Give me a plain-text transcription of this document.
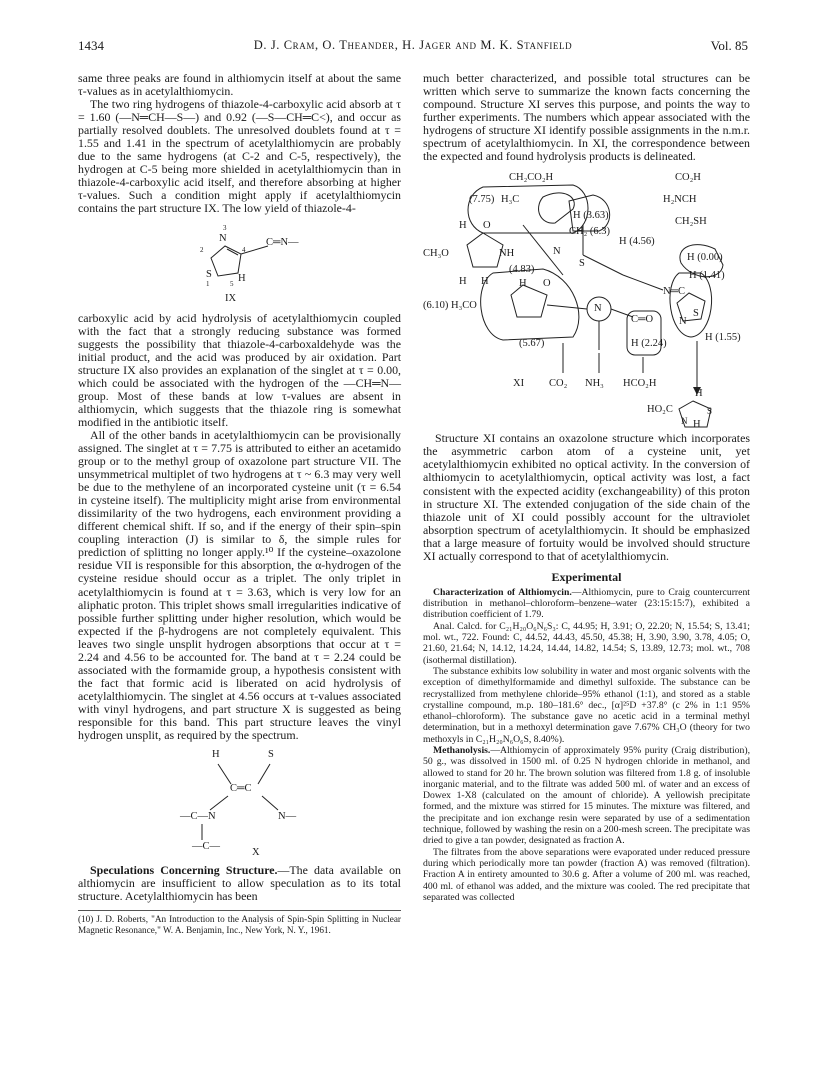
1434	D. J. Cram, O. Theander, H. Jager and M. K. Stanfield	Vol. 85

same three peaks are found in althiomycin itself at about the same τ-values as in acetylalthiomycin.

The two ring hydrogens of thiazole-4-carboxylic acid absorb at τ = 1.60 (—N═CH—S—) and 0.92 (—S—CH═C<), and occur as partially resolved doublets. The unresolved doublets found at τ = 1.55 and 1.41 in the spectrum of acetylalthiomycin are probably due to the same hydrogens (at C-2 and C-5, respectively), the hydrogen at C-5 being more shielded in acetylalthiomycin than in thiazole-4-carboxylic acid itself, and therefore absorbing at higher τ-values. Such a condition might apply if acetylalthiomycin contains the part structure IX. The low yield of thiazole-4-

3
2	4
1	5
N
S H
C═N—
IX

carboxylic acid by acid hydrolysis of acetylalthiomycin coupled with the fact that a strongly reducing substance was formed suggests the possibility that thiazole-4-carboxaldehyde was the initial product, and the acid was produced by air oxidation. Part structure IX also provides an explanation of the singlet at τ = 0.00, which could be associated with the hydrogen of the —CH═N— group. Most of these bands at low τ-values are absent in althiomycin, which suggests that the thiazole ring is somewhat modified in the antibiotic itself.

All of the other bands in acetylalthiomycin can be provisionally assigned. The singlet at τ = 7.75 is attributed to either an acetamido group or to the methyl group of oxazolone part structure VII. The unsymmetrical multiplet of two hydrogens at τ ~ 6.3 may very well be due to the methylene of an incorporated cysteine unit (τ = 6.54 in cysteine itself). The multiplicity might arise from environmental dissimilarity of the two hydrogens, each environment providing a different chemical shift. If so, and if the energy of their spin–spin coupling interaction (J) is similar to δ, the simple rules for prediction of splitting no longer apply.¹⁰ If the cysteine–oxazolone residue VII is responsible for this absorption, the α-hydrogen of the cysteine residue should occur as a triplet. The only triplet in acetylalthiomycin is found at τ = 3.63, which is very low for an aliphatic proton. This triplet shows small irregularities indicative of possible further splitting under higher resolution, which would be expected if the β-hydrogens are not completely equivalent. This leaves two single unsplit hydrogen absorptions that occur at τ = 2.24 and 4.56 to be accounted for. The band at τ = 2.24 could be associated with the formamide group, a hypothesis consistent with the fact that formic acid is liberated on acid hydrolysis of acetylalthiomycin. The singlet at 4.56 occurs at τ-values associated with vinyl hydrogens, and part structure X is suggested as being responsible for this band. This part structure leaves the vinyl hydrogen unsplit, as required by the spectrum.

H	S
C═C
—C—N	N—
—C—
X

Speculations Concerning Structure.—The data available on althiomycin are insufficient to allow speculation as to its total structure. Acetylalthiomycin has been

(10) J. D. Roberts, "An Introduction to the Analysis of Spin-Spin Splitting in Nuclear Magnetic Resonance," W. A. Benjamin, Inc., New York, N. Y., 1961.

much better characterized, and possible total structures can be written which serve to summarize the known facts concerning the compound. Structure XI serves this purpose, and points the way to further experiments. The numbers which appear associated with the hydrogens of structure XI identify possible assignments in the n.m.r. spectrum of acetylalthiomycin. In XI, the correspondence between the expected and found hydrolysis products is delineated.

CH₂CO₂H	CO₂H
H₃C
(7.75)	H₂NCH
H (3.63)
CH₂SH
CH₂ (6.3)
H (4.56)
H O
CH₃O	NH
(4.83)
H H	H O
H (0.00)
H (1.41)
(6.10) H₃CO	N
C═O
H (2.24)
H (1.55)
(5.67)
XI CO₂ NH₃ HCO₂H
S
S
N
N
N═C
HO₂C
H
H
N
S

Structure XI contains an oxazolone structure which incorporates the asymmetric carbon atom of a cysteine unit, yet acetylalthiomycin exhibited no optical activity. In the conversion of althiomycin to acetylalthiomycin, optical activity was lost, a fact consistent with the expected acidity (exchangeability) of this proton in structure XI. The extended conjugation of the side chain of the thiazole unit of XI could possibly account for the ultraviolet absorption spectrum of acetylalthiomycin. It should be emphasized that a large measure of fortuity would be involved should structure XI actually correspond to that of acetylalthiomycin.

Experimental

Characterization of Althiomycin.—Althiomycin, pure to Craig countercurrent distribution in methanol–chloroform–benzene–water (23:15:15:7), exhibited a distribution coefficient of 1.79.

Anal. Calcd. for C₂₁H₂₀O₆N₆S₃: C, 44.95; H, 3.91; O, 22.20; N, 15.54; S, 13.41; mol. wt., 722. Found: C, 44.52, 44.43, 45.50, 45.38; H, 3.90, 3.90, 3.78, 4.05; O, 21.60, 21.64; N, 14.12, 14.24, 14.44, 14.82, 14.54; S, 13.89, 12.73; mol. wt., 708 (isothermal distillation).

The substance exhibits low solubility in water and most organic solvents with the exception of dimethylformamide and dimethyl sulfoxide. The substance can be recrystallized from methylene chloride–95% ethanol (1:1), and stored as a stable crystalline compound, m.p. 180–181.6° dec., [α]²⁵D +37.8° (c 2% in 1:1 95% ethanol–chloroform). The substance gave no acetic acid in a terminal methyl determination, but in a methoxyl determination gave 7.67% CH₃O (theory for two methoxyls in C₂₁H₂₀N₆O₆S, 8.40%).

Methanolysis.—Althiomycin of approximately 95% purity (Craig distribution), 50 g., was dissolved in 1500 ml. of 0.25 N hydrogen chloride in methanol, and allowed to stand for 20 hr. The brown solution was filtered from 1.8 g. of insoluble inorganic material, and to the filtrate was added 500 ml. of water and an excess of Dowex 1-X8 (calculated on the amount of chloride). A yellowish precipitate formed, and the mixture was stirred for 15 minutes. The mixture was filtered, and the precipitate and ion exchange resin were separated by use of a sedimentation technique, followed by washing the resin on a 200-mesh screen. The precipitate was dried to give a tan powder, designated as fraction A.

The filtrates from the above separations were evaporated under reduced pressure during which periodically more tan powder (fraction A) was removed (filtration). Fraction A in entirety amounted to 30.6 g. After a volume of 200 ml. was reached, 400 ml. of ethanol was added, and the mixture was cooled. The red precipitate that separated was collected
